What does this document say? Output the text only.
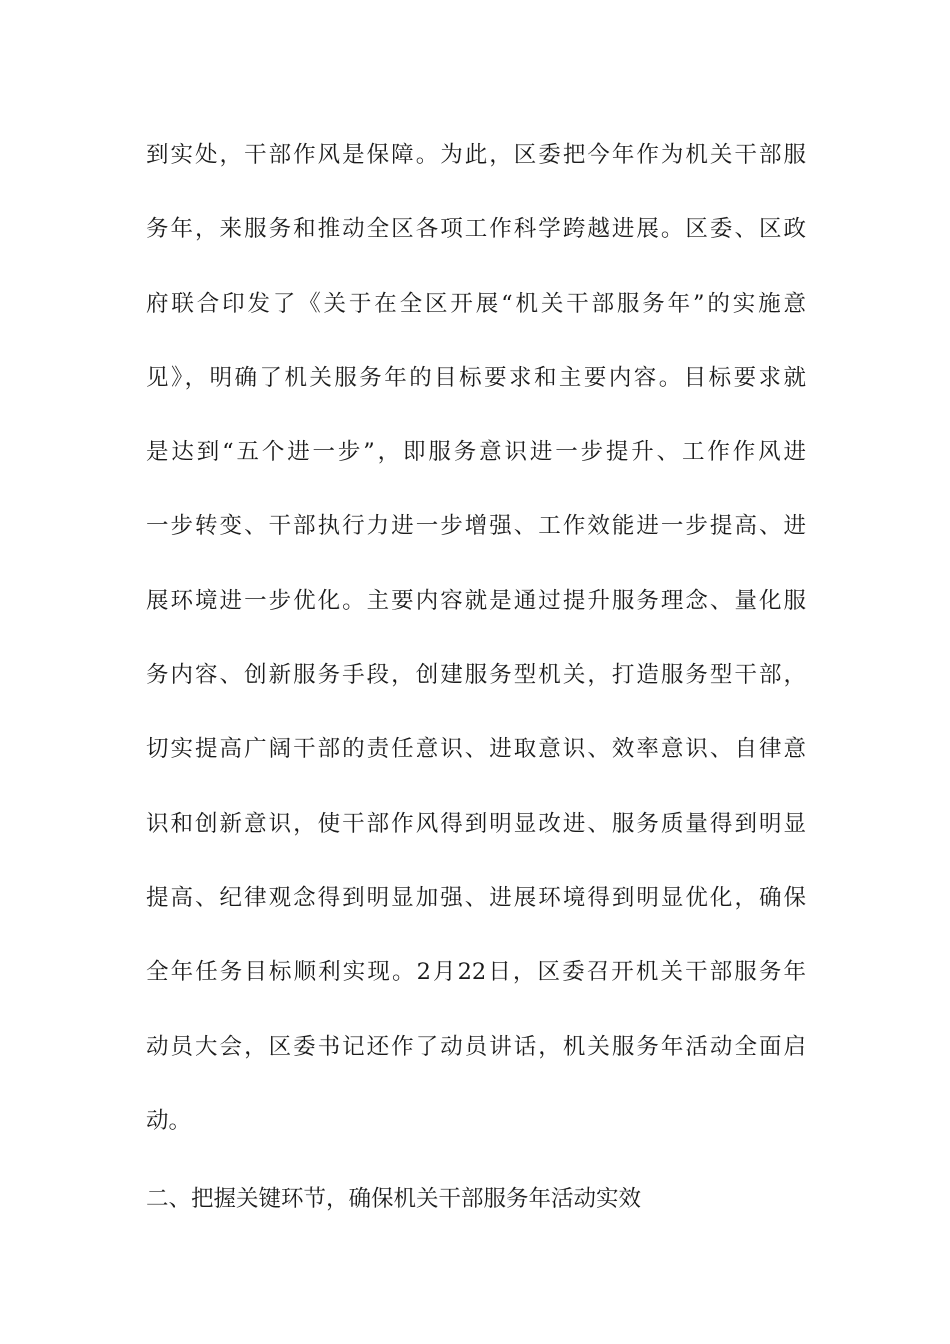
到实处，干部作风是保障。为此，区委把今年作为机关干部服
务年，来服务和推动全区各项工作科学跨越进展。区委、区政
府联合印发了《关于在全区开展“机关干部服务年”的实施意
见》，明确了机关服务年的目标要求和主要内容。目标要求就
是达到“五个进一步”，即服务意识进一步提升、工作作风进
一步转变、干部执行力进一步增强、工作效能进一步提高、进
展环境进一步优化。主要内容就是通过提升服务理念、量化服
务内容、创新服务手段，创建服务型机关，打造服务型干部，
切实提高广阔干部的责任意识、进取意识、效率意识、自律意
识和创新意识，使干部作风得到明显改进、服务质量得到明显
提高、纪律观念得到明显加强、进展环境得到明显优化，确保
全年任务目标顺利实现。2月22日，区委召开机关干部服务年
动员大会，区委书记还作了动员讲话，机关服务年活动全面启
动。
二、把握关键环节，确保机关干部服务年活动实效
